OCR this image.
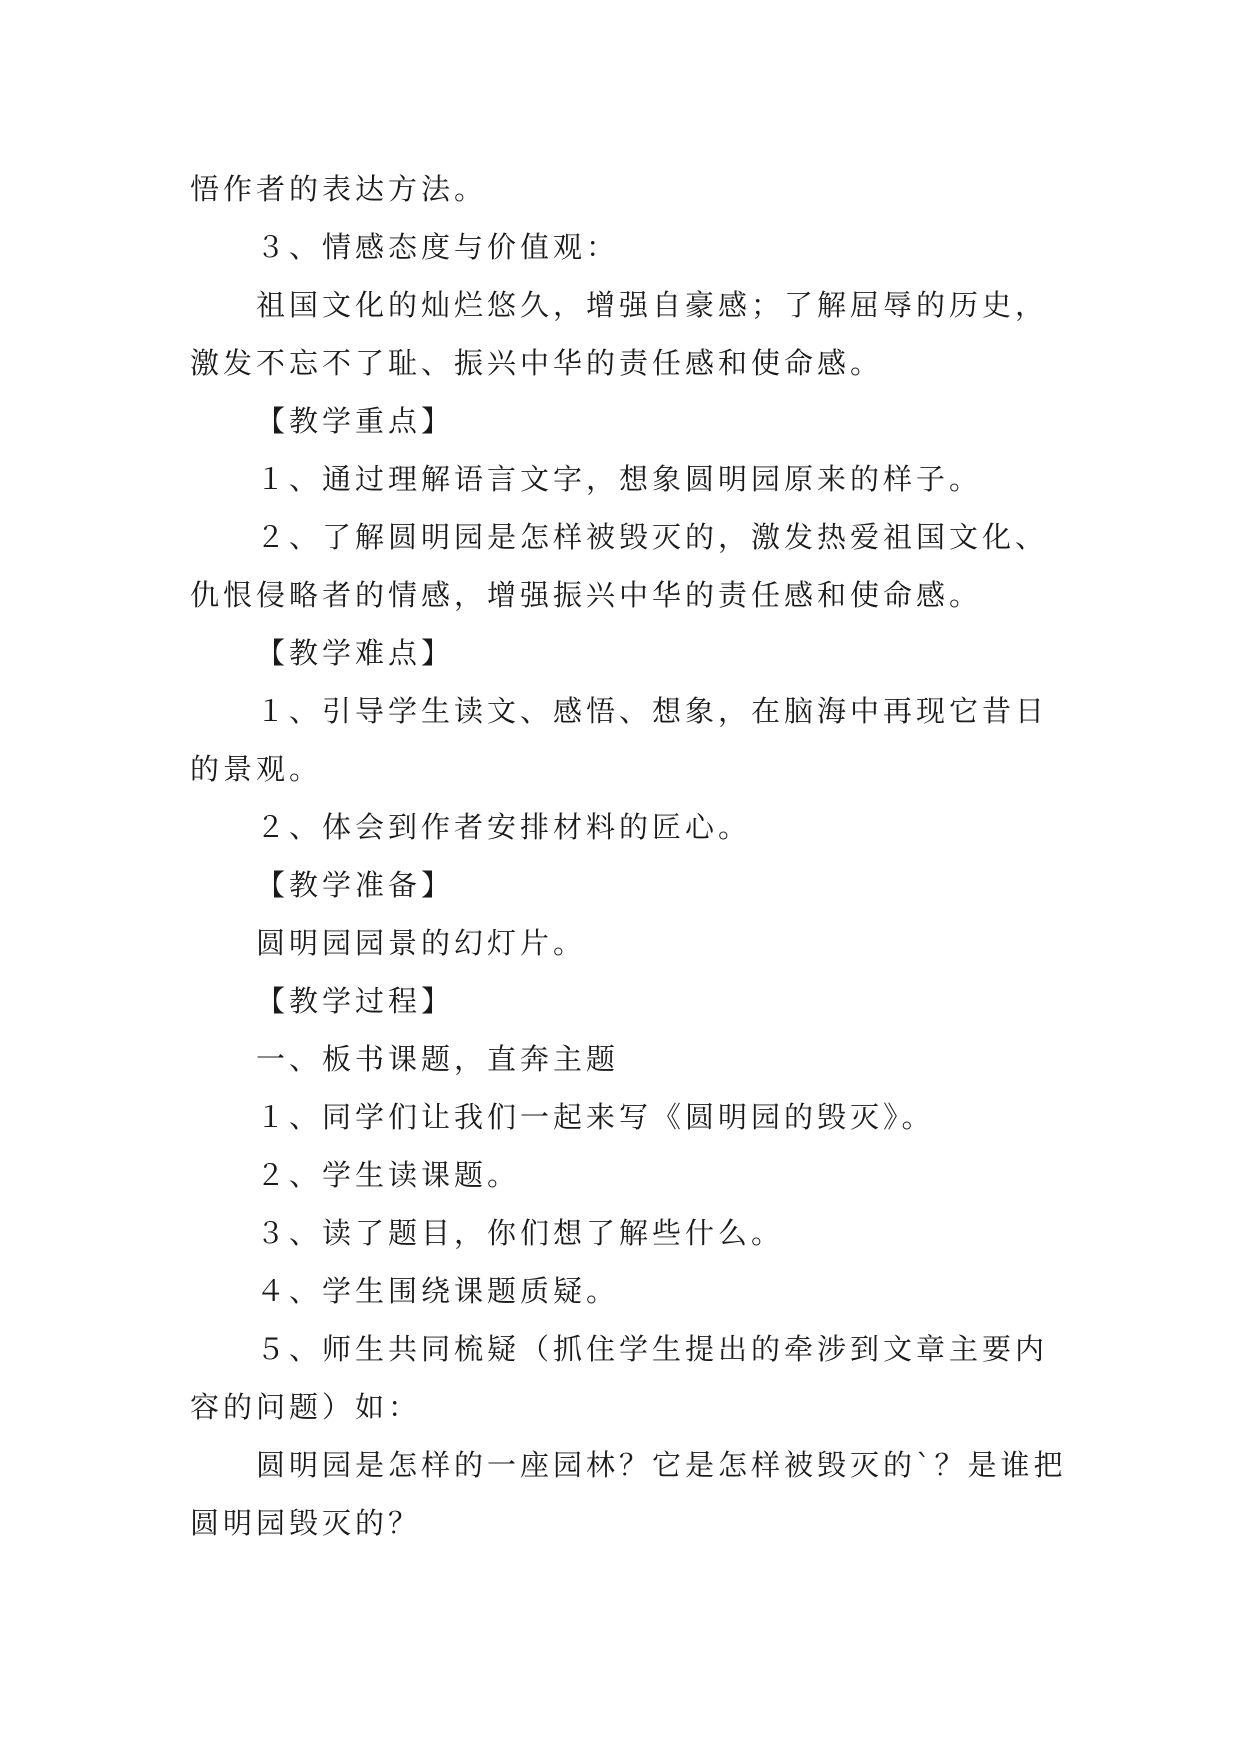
悟作者的表达方法。

３、情感态度与价值观：

祖国文化的灿烂悠久，增强自豪感；了解屈辱的历史，激发不忘不了耻、振兴中华的责任感和使命感。

【教学重点】

１、通过理解语言文字，想象圆明园原来的样子。

２、了解圆明园是怎样被毁灭的，激发热爱祖国文化、仇恨侵略者的情感，增强振兴中华的责任感和使命感。

【教学难点】

１、引导学生读文、感悟、想象，在脑海中再现它昔日的景观。

２、体会到作者安排材料的匠心。

【教学准备】

圆明园园景的幻灯片。

【教学过程】

一、板书课题，直奔主题

１、同学们让我们一起来写《圆明园的毁灭》。

２、学生读课题。

３、读了题目，你们想了解些什么。

４、学生围绕课题质疑。

５、师生共同梳疑（抓住学生提出的牵涉到文章主要内容的问题）如：

圆明园是怎样的一座园林？它是怎样被毁灭的`？是谁把圆明园毁灭的？
